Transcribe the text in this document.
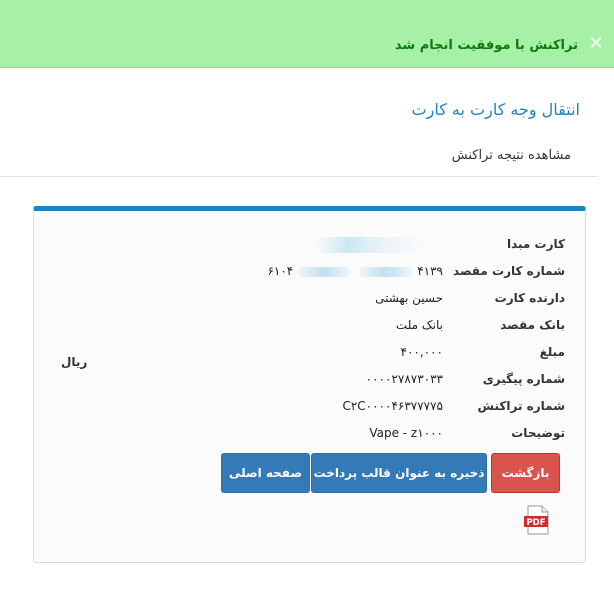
✕
تراکنش با موفقیت انجام شد
انتقال وجه کارت به کارت
مشاهده نتیجه تراکنش
کارت مبدا
شماره کارت مقصد
۶۱۰۴	۴۱۳۹
دارنده کارت
حسین بهشتی
بانک مقصد
بانک ملت
مبلغ
۴۰۰,۰۰۰
ریال
شماره پیگیری
۰۰۰۰۲۷۸۷۳۰۳۳
شماره تراکنش
C۲C۰۰۰۰۴۶۳۷۷۷۷۵
توضیحات
Vape - z۱۰۰۰
بازگشت
ذخیره به عنوان قالب پرداخت
صفحه اصلی
PDF
